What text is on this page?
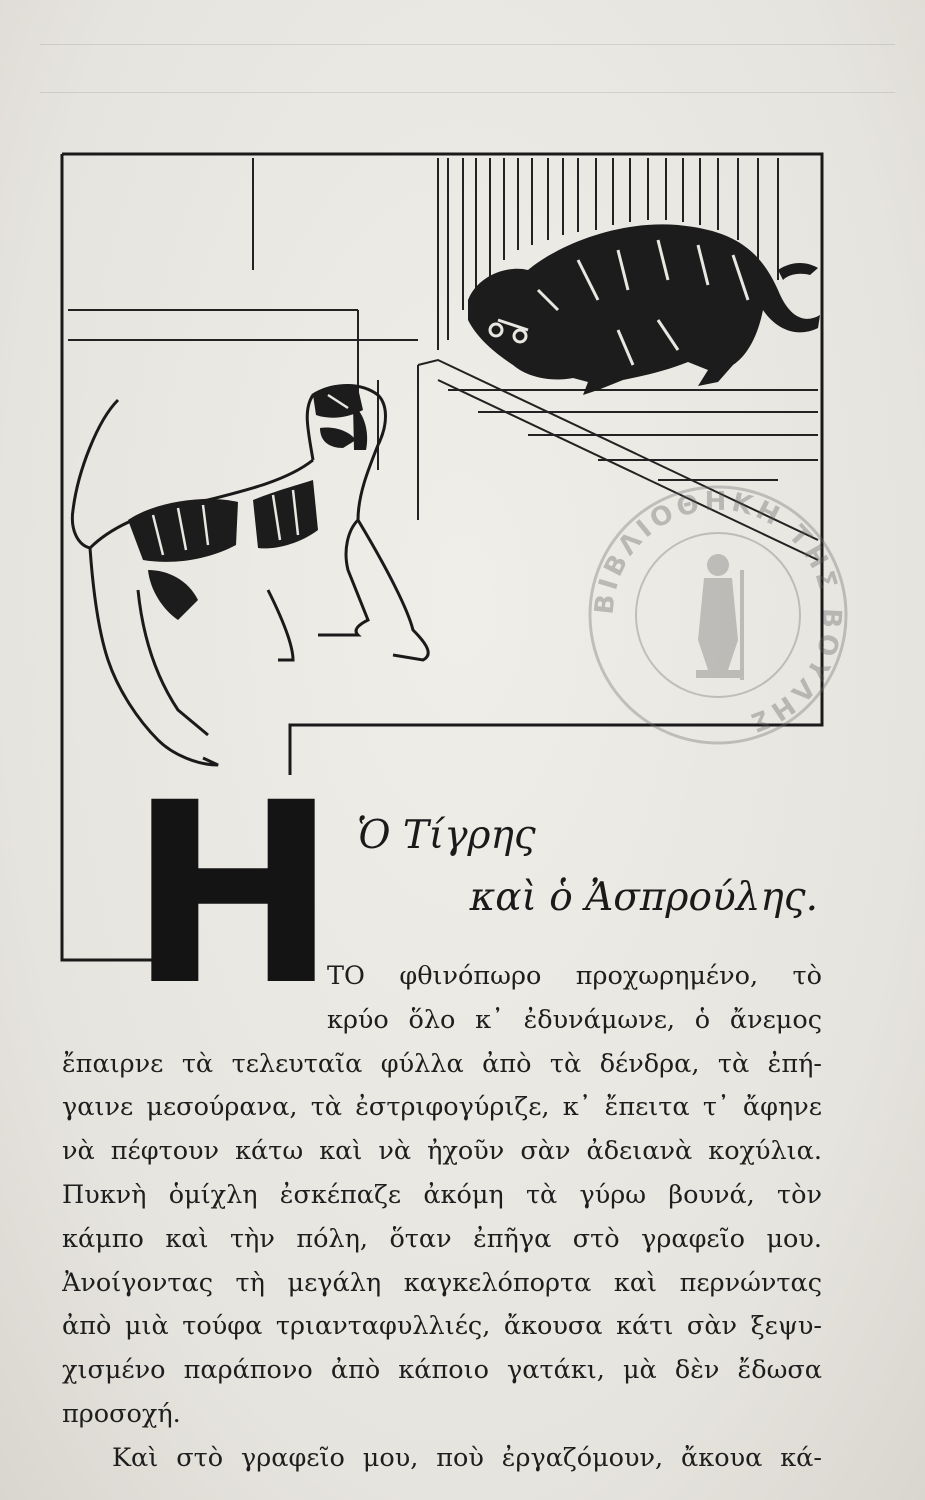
ΒΙΒΛΙΟΘΗΚΗ ΤΗΣ ΒΟΥΛΗΣ
H Ὁ Τίγρης
καὶ ὁ Ἀσπρούλης.
ΤΟ φθινόπωρο προχωρημένο, τὸ
κρύο ὅλο κ᾽ ἐδυνάμωνε, ὁ ἄνεμος
ἔπαιρνε τὰ τελευταῖα φύλλα ἀπὸ τὰ δένδρα, τὰ ἐπή-
γαινε μεσούρανα, τὰ ἐστριφογύριζε, κ᾽ ἔπειτα τ᾽ ἄφηνε
νὰ πέφτουν κάτω καὶ νὰ ἠχοῦν σὰν ἀδειανὰ κοχύλια.
Πυκνὴ ὁμίχλη ἐσκέπαζε ἀκόμη τὰ γύρω βουνά, τὸν
κάμπο καὶ τὴν πόλη, ὅταν ἐπῆγα στὸ γραφεῖο μου.
Ἀνοίγοντας τὴ μεγάλη καγκελόπορτα καὶ περνώντας
ἀπὸ μιὰ τούφα τριανταφυλλιές, ἄκουσα κάτι σὰν ξεψυ-
χισμένο παράπονο ἀπὸ κάποιο γατάκι, μὰ δὲν ἔδωσα
προσοχή.
Καὶ στὸ γραφεῖο μου, ποὺ ἐργαζόμουν, ἄκουα κά-
